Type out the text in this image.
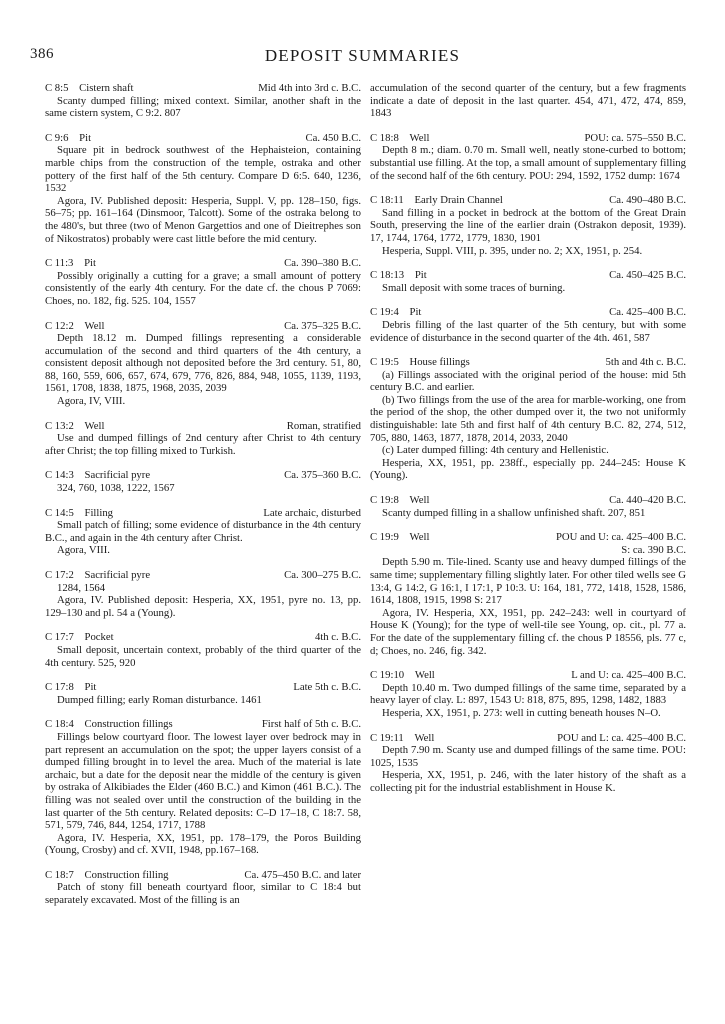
386	DEPOSIT SUMMARIES
C 8:5  Cistern shaft	Mid 4th into 3rd c. B.C.

Scanty dumped filling; mixed context. Similar, another shaft in the same cistern system, C 9:2. 807

C 9:6  Pit	Ca. 450 B.C.

Square pit in bedrock southwest of the Hephaisteion, containing marble chips from the construction of the temple, ostraka and other pottery of the first half of the 5th century. Compare D 6:5. 640, 1236, 1532

Agora, IV. Published deposit: Hesperia, Suppl. V, pp. 128–150, figs. 56–75; pp. 161–164 (Dinsmoor, Talcott). Some of the ostraka belong to the 480's, but three (two of Menon Gargettios and one of Dieitrephes son of Nikostratos) probably were cast little before the mid century.

C 11:3  Pit	Ca. 390–380 B.C.

Possibly originally a cutting for a grave; a small amount of pottery consistently of the early 4th century. For the date cf. the chous P 7069: Choes, no. 182, fig. 525. 104, 1557

C 12:2  Well	Ca. 375–325 B.C.

Depth 18.12 m. Dumped fillings representing a considerable accumulation of the second and third quarters of the 4th century, a consistent deposit although not deposited before the 3rd century. 51, 80, 88, 160, 559, 606, 657, 674, 679, 776, 826, 884, 948, 1055, 1139, 1193, 1561, 1708, 1838, 1875, 1968, 2035, 2039

Agora, IV, VIII.

C 13:2  Well	Roman, stratified

Use and dumped fillings of 2nd century after Christ to 4th century after Christ; the top filling mixed to Turkish.

C 14:3  Sacrificial pyre	Ca. 375–360 B.C.

324, 760, 1038, 1222, 1567

C 14:5  Filling	Late archaic, disturbed

Small patch of filling; some evidence of disturbance in the 4th century B.C., and again in the 4th century after Christ.

Agora, VIII.

C 17:2  Sacrificial pyre	Ca. 300–275 B.C.

1284, 1564

Agora, IV. Published deposit: Hesperia, XX, 1951, pyre no. 13, pp. 129–130 and pl. 54 a (Young).

C 17:7  Pocket	4th c. B.C.

Small deposit, uncertain context, probably of the third quarter of the 4th century. 525, 920

C 17:8  Pit	Late 5th c. B.C.

Dumped filling; early Roman disturbance. 1461

C 18:4  Construction fillings	First half of 5th c. B.C.

Fillings below courtyard floor. The lowest layer over bedrock may in part represent an accumulation on the spot; the upper layers consist of a dumped filling brought in to level the area. Much of the material is late archaic, but a date for the deposit near the middle of the century is given by ostraka of Alkibiades the Elder (460 B.C.) and Kimon (461 B.C.). The filling was not sealed over until the construction of the building in the last quarter of the 5th century. Related deposits: C–D 17–18, C 18:7. 58, 571, 579, 746, 844, 1254, 1717, 1788

Agora, IV. Hesperia, XX, 1951, pp. 178–179, the Poros Building (Young, Crosby) and cf. XVII, 1948, pp.167–168.

C 18:7  Construction filling	Ca. 475–450 B.C. and later

Patch of stony fill beneath courtyard floor, similar to C 18:4 but separately excavated. Most of the filling is an

accumulation of the second quarter of the century, but a few fragments indicate a date of deposit in the last quarter. 454, 471, 472, 474, 859, 1843

C 18:8  Well	POU: ca. 575–550 B.C.

Depth 8 m.; diam. 0.70 m. Small well, neatly stone-curbed to bottom; substantial use filling. At the top, a small amount of supplementary filling of the second half of the 6th century. POU: 294, 1592, 1752 dump: 1674

C 18:11  Early Drain Channel	Ca. 490–480 B.C.

Sand filling in a pocket in bedrock at the bottom of the Great Drain South, preserving the line of the earlier drain (Ostrakon deposit, 1939). 17, 1744, 1764, 1772, 1779, 1830, 1901

Hesperia, Suppl. VIII, p. 395, under no. 2; XX, 1951, p. 254.

C 18:13  Pit	Ca. 450–425 B.C.

Small deposit with some traces of burning.

C 19:4  Pit	Ca. 425–400 B.C.

Debris filling of the last quarter of the 5th century, but with some evidence of disturbance in the second quarter of the 4th. 461, 587

C 19:5  House fillings	5th and 4th c. B.C.

(a) Fillings associated with the original period of the house: mid 5th century B.C. and earlier.

(b) Two fillings from the use of the area for marble-working, one from the period of the shop, the other dumped over it, the two not uniformly distinguishable: late 5th and first half of 4th century B.C. 82, 274, 512, 705, 880, 1463, 1877, 1878, 2014, 2033, 2040

(c) Later dumped filling: 4th century and Hellenistic.

Hesperia, XX, 1951, pp. 238ff., especially pp. 244–245: House K (Young).

C 19:8  Well	Ca. 440–420 B.C.

Scanty dumped filling in a shallow unfinished shaft. 207, 851

C 19:9  Well	POU and U: ca. 425–400 B.C.
S: ca. 390 B.C.

Depth 5.90 m. Tile-lined. Scanty use and heavy dumped fillings of the same time; supplementary filling slightly later. For other tiled wells see G 13:4, G 14:2, G 16:1, I 17:1, P 10:3. U: 164, 181, 772, 1418, 1528, 1586, 1614, 1808, 1915, 1998 S: 217

Agora, IV. Hesperia, XX, 1951, pp. 242–243: well in courtyard of House K (Young); for the type of well-tile see Young, op. cit., pl. 77 a. For the date of the supplementary filling cf. the chous P 18556, pls. 77 c, d; Choes, no. 246, fig. 342.

C 19:10  Well	L and U: ca. 425–400 B.C.

Depth 10.40 m. Two dumped fillings of the same time, separated by a heavy layer of clay. L: 897, 1543 U: 818, 875, 895, 1298, 1482, 1883

Hesperia, XX, 1951, p. 273: well in cutting beneath houses N–O.

C 19:11  Well	POU and L: ca. 425–400 B.C.

Depth 7.90 m. Scanty use and dumped fillings of the same time. POU: 1025, 1535

Hesperia, XX, 1951, p. 246, with the later history of the shaft as a collecting pit for the industrial establishment in House K.
